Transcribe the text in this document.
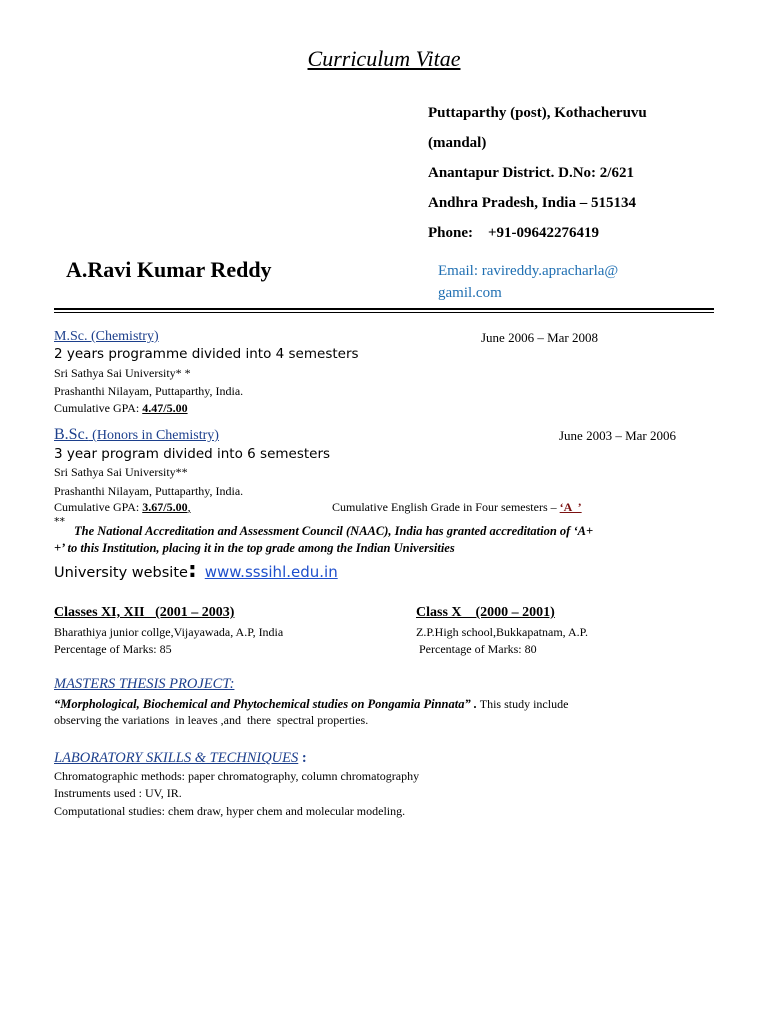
Curriculum Vitae
Puttaparthy (post), Kothacheruvu
(mandal)
Anantapur District. D.No: 2/621
Andhra Pradesh, India – 515134
Phone:    +91-09642276419
A.Ravi Kumar Reddy	Email: ravireddy.apracharla@
gamil.com
M.Sc. (Chemistry)	June 2006 – Mar 2008
2 years programme divided into 4 semesters
Sri Sathya Sai University* *
Prashanthi Nilayam, Puttaparthy, India.
Cumulative GPA: 4.47/5.00
B.Sc. (Honors in Chemistry)	June 2003 – Mar 2006
3 year program divided into 6 semesters
Sri Sathya Sai University**
Prashanthi Nilayam, Puttaparthy, India.
Cumulative GPA: 3.67/5.00,	Cumulative English Grade in Four semesters – ‘A  ’
**
The National Accreditation and Assessment Council (NAAC), India has granted accreditation of ‘A+
+’ to this Institution, placing it in the top grade among the Indian Universities
University website: www.sssihl.edu.in
Classes XI, XII   (2001 – 2003)
Bharathiya junior collge,Vijayawada, A.P, India
Percentage of Marks: 85
Class X    (2000 – 2001)
Z.P.High school,Bukkapatnam, A.P.
Percentage of Marks: 80
MASTERS THESIS PROJECT:
“Morphological, Biochemical and Phytochemical studies on Pongamia Pinnata” . This study include
observing the variations  in leaves ,and  there  spectral properties.
LABORATORY SKILLS & TECHNIQUES :
Chromatographic methods: paper chromatography, column chromatography
Instruments used : UV, IR.
Computational studies: chem draw, hyper chem and molecular modeling.
